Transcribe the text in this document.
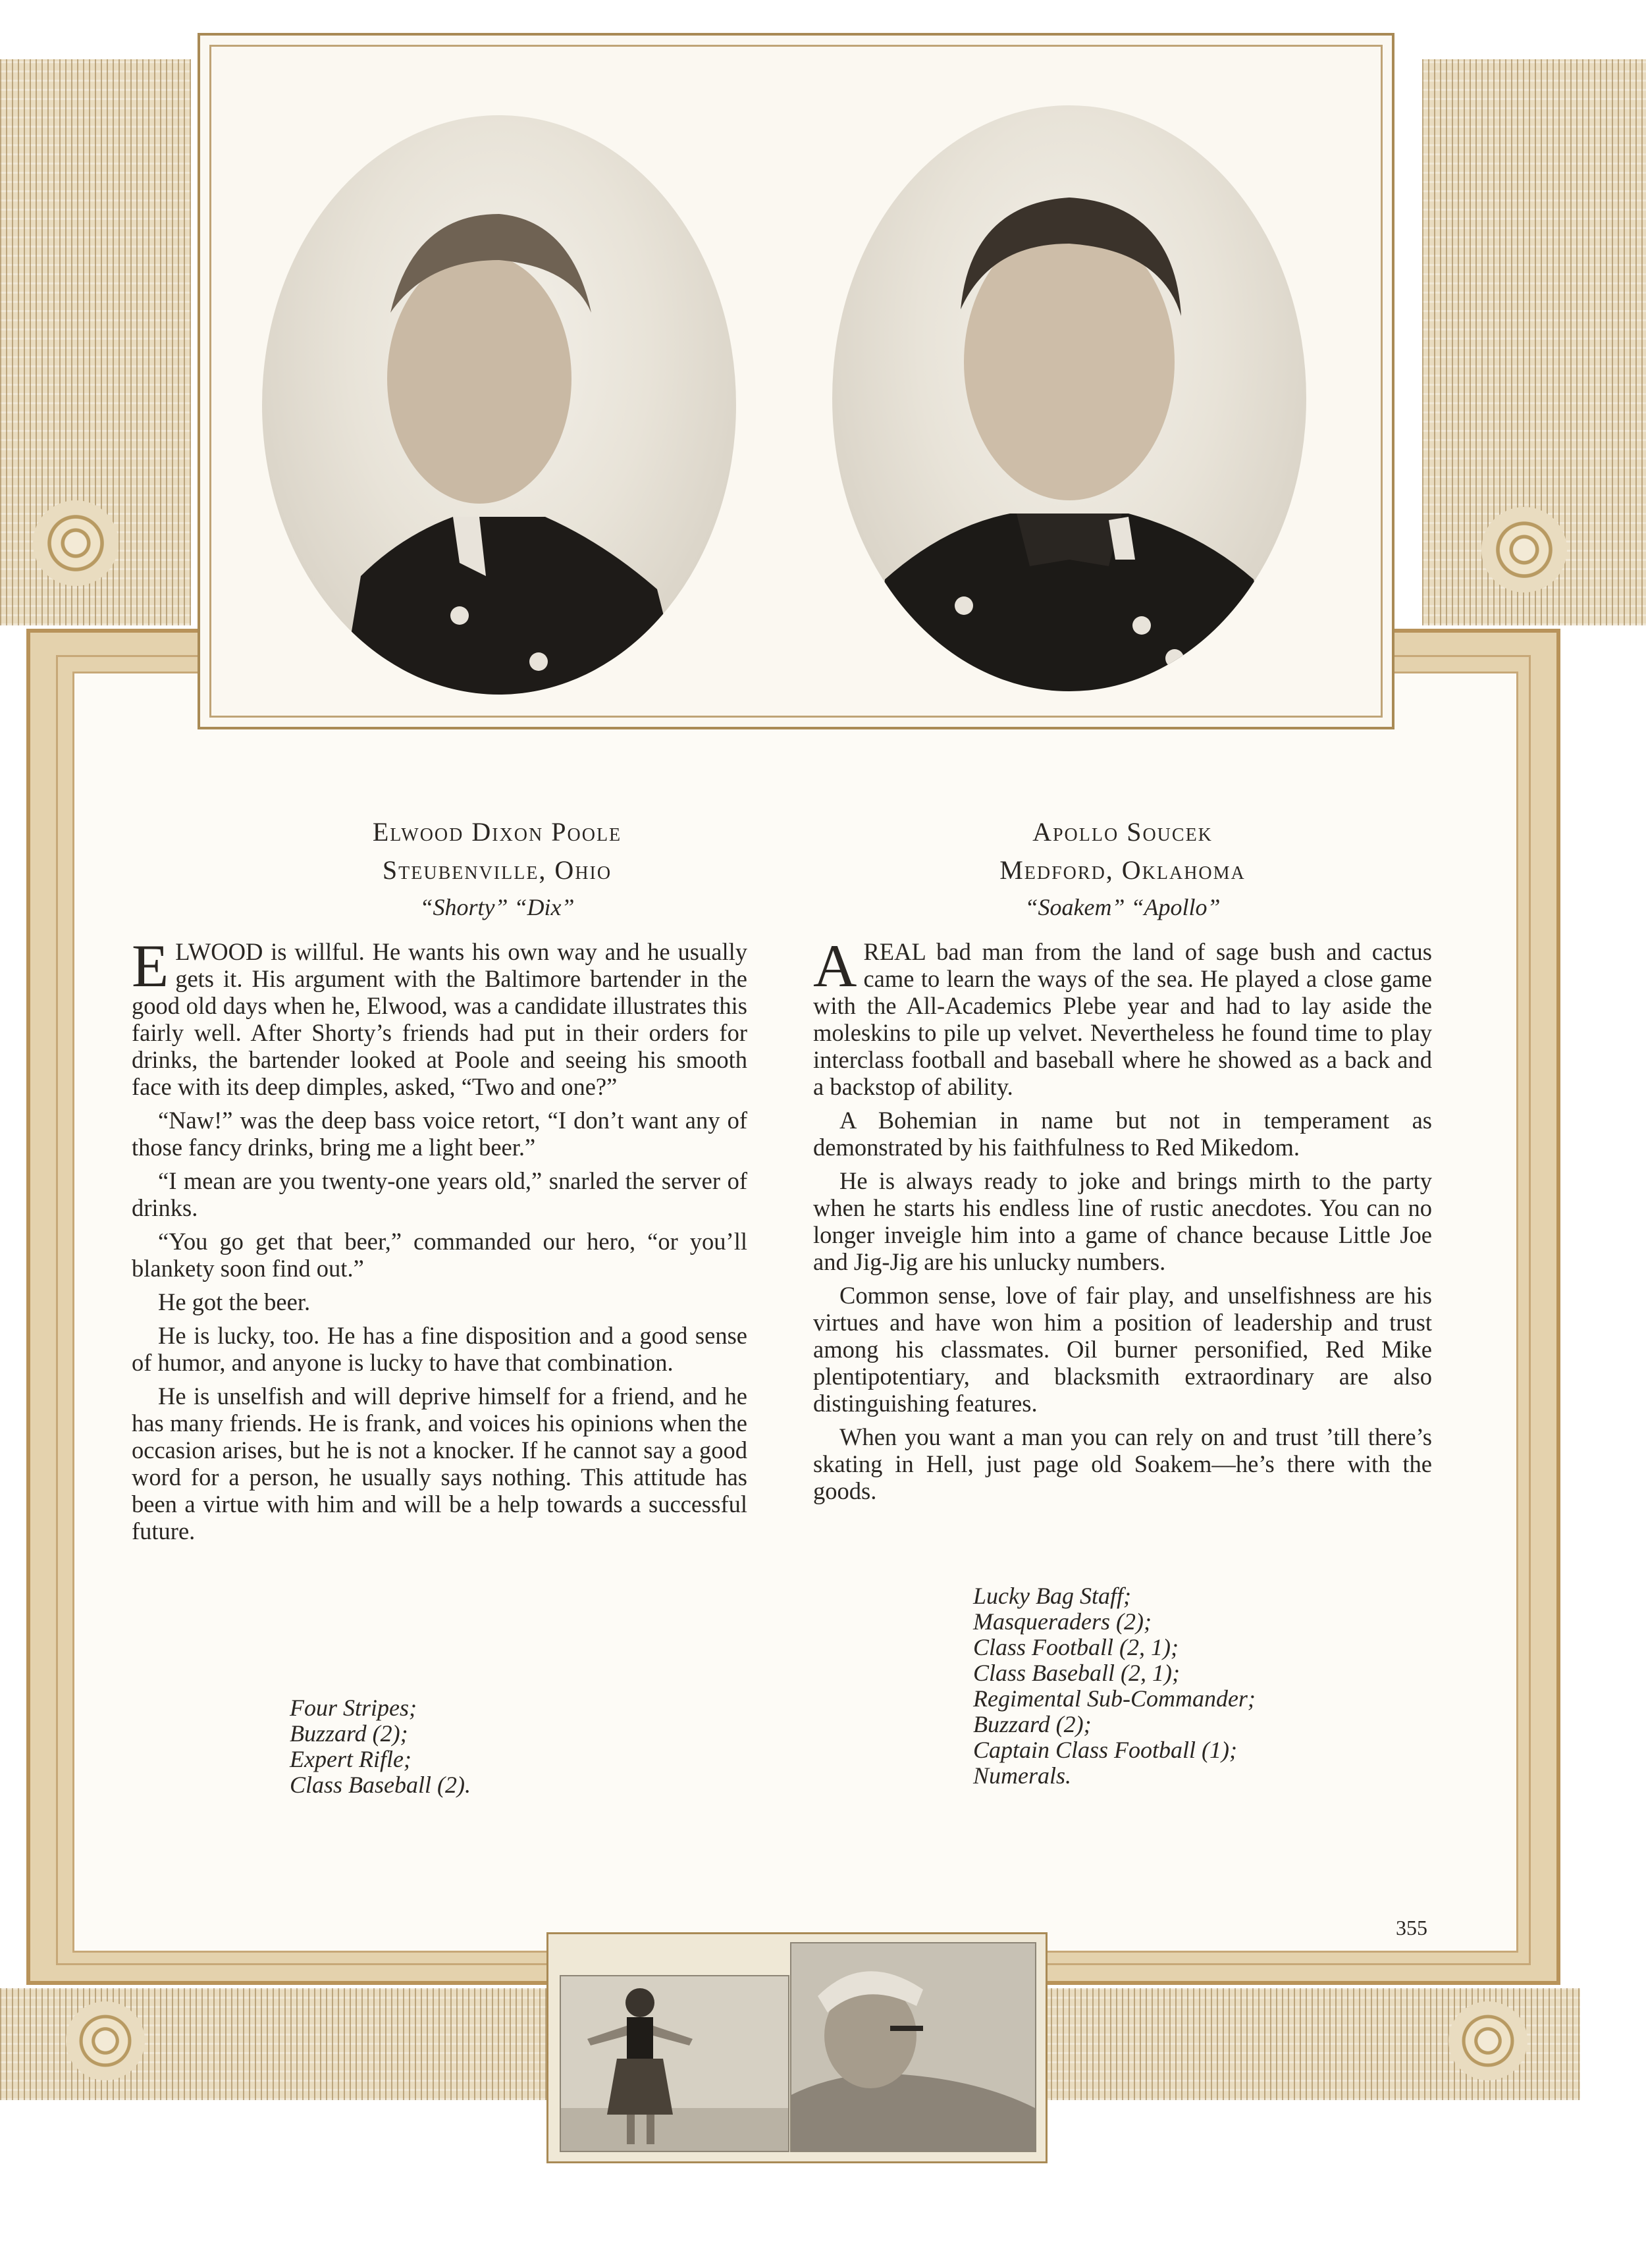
Elwood Dixon Poole
Steubenville, Ohio
“Shorty” “Dix”

ELWOOD is willful. He wants his own way and he usually gets it. His argument with the Baltimore bartender in the good old days when he, Elwood, was a candidate illustrates this fairly well. After Shorty’s friends had put in their orders for drinks, the bartender looked at Poole and seeing his smooth face with its deep dimples, asked, “Two and one?”

“Naw!” was the deep bass voice retort, “I don’t want any of those fancy drinks, bring me a light beer.”

“I mean are you twenty-one years old,” snarled the server of drinks.

“You go get that beer,” commanded our hero, “or you’ll blankety soon find out.”

He got the beer.

He is lucky, too. He has a fine disposition and a good sense of humor, and anyone is lucky to have that combination.

He is unselfish and will deprive himself for a friend, and he has many friends. He is frank, and voices his opinions when the occasion arises, but he is not a knocker. If he cannot say a good word for a person, he usually says nothing. This attitude has been a virtue with him and will be a help towards a successful future.

Four Stripes;
Buzzard (2);
Expert Rifle;
Class Baseball (2).
Apollo Soucek
Medford, Oklahoma
“Soakem” “Apollo”

AREAL bad man from the land of sage bush and cactus came to learn the ways of the sea. He played a close game with the All-Academics Plebe year and had to lay aside the moleskins to pile up velvet. Nevertheless he found time to play interclass football and baseball where he showed as a back and a backstop of ability.

A Bohemian in name but not in temperament as demonstrated by his faithfulness to Red Mikedom.

He is always ready to joke and brings mirth to the party when he starts his endless line of rustic anecdotes. You can no longer inveigle him into a game of chance because Little Joe and Jig-Jig are his unlucky numbers.

Common sense, love of fair play, and unselfishness are his virtues and have won him a position of leadership and trust among his classmates. Oil burner personified, Red Mike plentipotentiary, and blacksmith extraordinary are also distinguishing features.

When you want a man you can rely on and trust ’till there’s skating in Hell, just page old Soakem—he’s there with the goods.

Lucky Bag Staff;
Masqueraders (2);
Class Football (2, 1);
Class Baseball (2, 1);
Regimental Sub-Commander;
Buzzard (2);
Captain Class Football (1);
Numerals.
355
